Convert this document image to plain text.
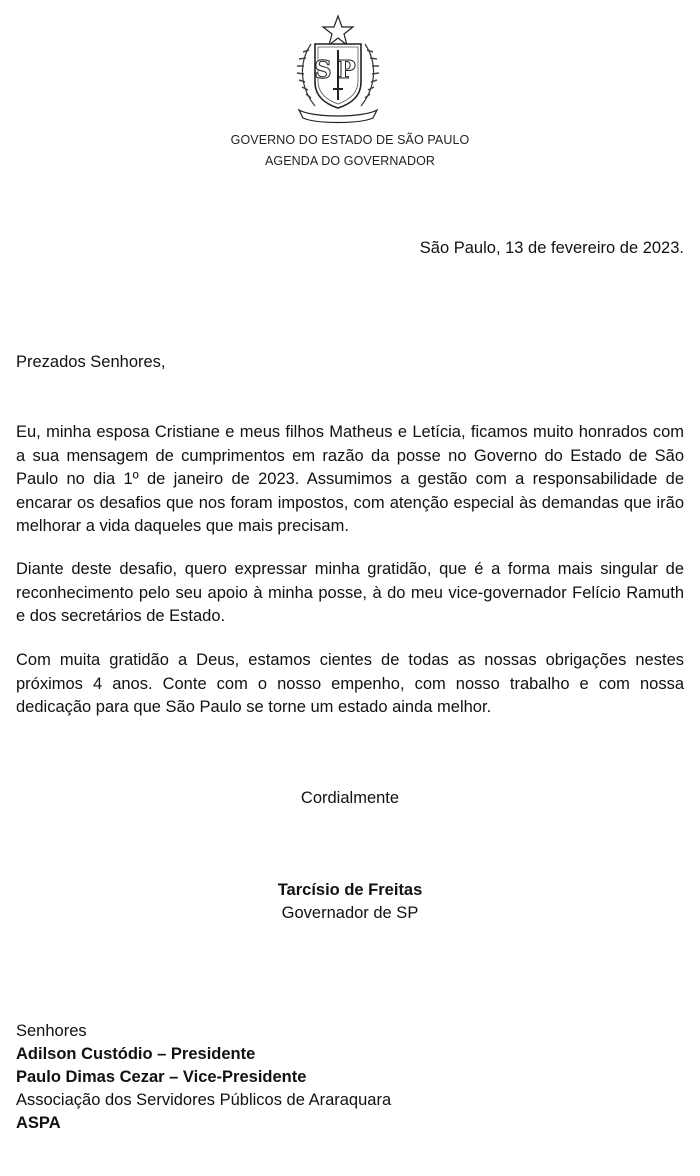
SP
GOVERNO DO ESTADO DE SÃO PAULO
AGENDA DO GOVERNADOR
São Paulo, 13 de fevereiro de 2023.
Prezados Senhores,

Eu, minha esposa Cristiane e meus filhos Matheus e Letícia, ficamos muito honrados com a sua mensagem de cumprimentos em razão da posse no Governo do Estado de São Paulo no dia 1º de janeiro de 2023. Assumimos a gestão com a responsabilidade de encarar os desafios que nos foram impostos, com atenção especial às demandas que irão melhorar a vida daqueles que mais precisam.

Diante deste desafio, quero expressar minha gratidão, que é a forma mais singular de reconhecimento pelo seu apoio à minha posse, à do meu vice-governador Felício Ramuth e dos secretários de Estado.

Com muita gratidão a Deus, estamos cientes de todas as nossas obrigações nestes próximos 4 anos. Conte com o nosso empenho, com nosso trabalho e com nossa dedicação para que São Paulo se torne um estado ainda melhor.

Cordialmente
Tarcísio de Freitas
Governador de SP
Senhores
Adilson Custódio – Presidente
Paulo Dimas Cezar – Vice-Presidente
Associação dos Servidores Públicos de Araraquara
ASPA
